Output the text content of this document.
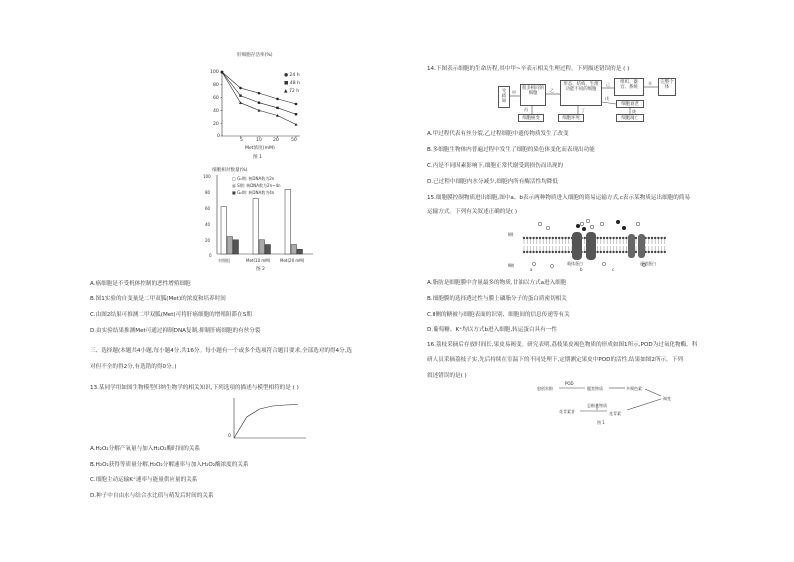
肝细胞存活率(%)
100
80
60
40
20
0
5	10 20	50
Met浓度(mM)
● 24 h
■ 48 h
▲ 72 h
图 1
细胞相对数量(%)
□ G₁期: 核DNA数为2n
■ S期: 核DNA数为2n~4n
■ G₂期: 核DNA数为4n
100
80
60
40
20
0
对照组	Met(10 mM) Met(20 mM)
图 2
A.癌细胞是不受机体控制的恶性增殖细胞
B.图1实验的自变量是二甲双胍(Met)的浓度和培养时间
C.由图2结果可推测二甲双胍(Met)可将肝癌细胞的增殖阻滞在S期
D.由实验结果推测Met可通过抑制DNA复制,抑制肝癌细胞的有丝分裂
三、选择题(本题共4小题,每小题4分,共16分。每小题有一个或多个选项符合题目要求,全部选对的得4分,选
对但不全的得2分,有选错的得0分。)
13.某同学用如图生物模型归纳生物学的相关知识,下列选项的描述与模型相符的是 ( )
0
A.H₂O₂分解产氧量与加入H₂O₂酶时间的关系
B.H₂O₂获得等质量分解,H₂O₂分解速率与加入H₂O₂酶浓度的关系
C.细胞主动运输K⁺速率与能量供应量的关系
D.种子中自由水与结合水比值与萌发后时间的关系
14.下图表示细胞的生命历程,其中甲~辛表示相关生理过程。下列描述错误的是 ( )
受精卵
很多相同的细胞
形态、结构、生理功能不同的细胞
组织、器官、系统
完整个体
细胞衰老
细胞癌变	细胞坏死	细胞凋亡
甲	乙
丙	丁
戊
己
庚
辛
A.甲过程代表有丝分裂,乙过程细胞中遗传物质发生了改变
B.多细胞生物体内普遍过程中发生了细胞的染色体变化而表现出功能
C.丙是不同因素影响下,细胞正常代谢受到损伤而出现的
D.己过程中细胞内水分减少,细胞内所有酶活性均降低
15.细胞膜控制物质进出细胞,图中a、b表示两种物质进入细胞的简易运输方式,c表示某物质运出细胞的简易
运输方式。下列有关叙述正确的是( )
Ⅰ侧
Ⅱ侧
a	b	c
载体蛋白	通道蛋白
A.脂肪是细胞膜中含量最多的物质,甘油以方式a进入细胞
B.细胞膜的选择透过性与膜上磷脂分子的蛋白质密切相关
C.Ⅱ侧的糖被与细胞表面的识别、细胞间的信息传递等有关
D.葡萄糖、K⁺均以方式b进入细胞,转运蛋白具有一性
16.荔枝采摘后存放时间长,果皮易褐变。研究表明,荔枝果皮褐色物质的形成如图1所示,POD为过氧化物酶。科
研人员采摘荔枝子实,先后持续在室温下的不同处理下,定期测定果皮中POD的活性,结果如图2所示。下列
叙述错误的是( )
愈创木酚
POD
醌类物质	多聚色素
褐变
总酚类物质
花青素
花青素苷
图 1
